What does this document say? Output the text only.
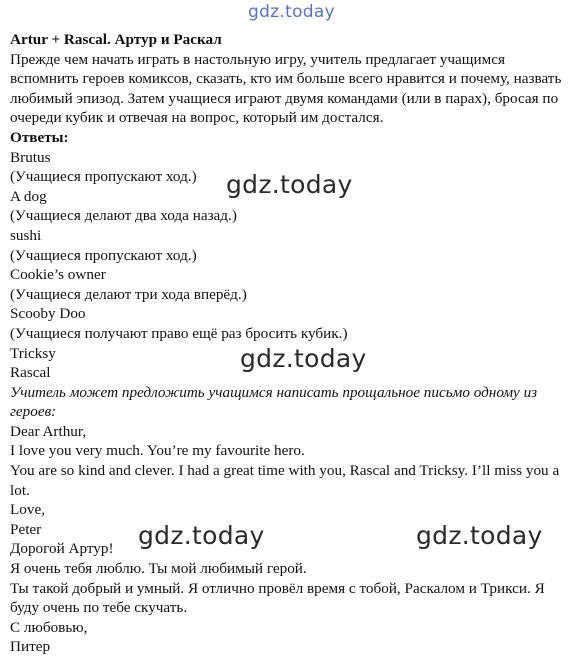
gdz.today
Artur + Rascal. Артур и Раскал
Прежде чем начать играть в настольную игру, учитель предлагает учащимся вспомнить героев комиксов, сказать, кто им больше всего нравится и почему, назвать любимый эпизод. Затем учащиеся играют двумя командами (или в парах), бросая по очереди кубик и отвечая на вопрос, который им достался.
Ответы:
Brutus
(Учащиеся пропускают ход.)
A dog
(Учащиеся делают два хода назад.)
sushi
(Учащиеся пропускают ход.)
Cookie’s owner
(Учащиеся делают три хода вперёд.)
Scooby Doo
(Учащиеся получают право ещё раз бросить кубик.)
Tricksy
Rascal
Учитель может предложить учащимся написать прощальное письмо одному из героев:
Dear Arthur,
I love you very much. You’re my favourite hero.
You are so kind and clever. I had a great time with you, Rascal and Tricksy. I’ll miss you a lot.
Love,
Peter
Дорогой Артур!
Я очень тебя люблю. Ты мой любимый герой.
Ты такой добрый и умный. Я отлично провёл время с тобой, Раскалом и Трикси. Я буду очень по тебе скучать.
С любовью,
Питер
gdz.today
gdz.today
gdz.today	gdz.today
